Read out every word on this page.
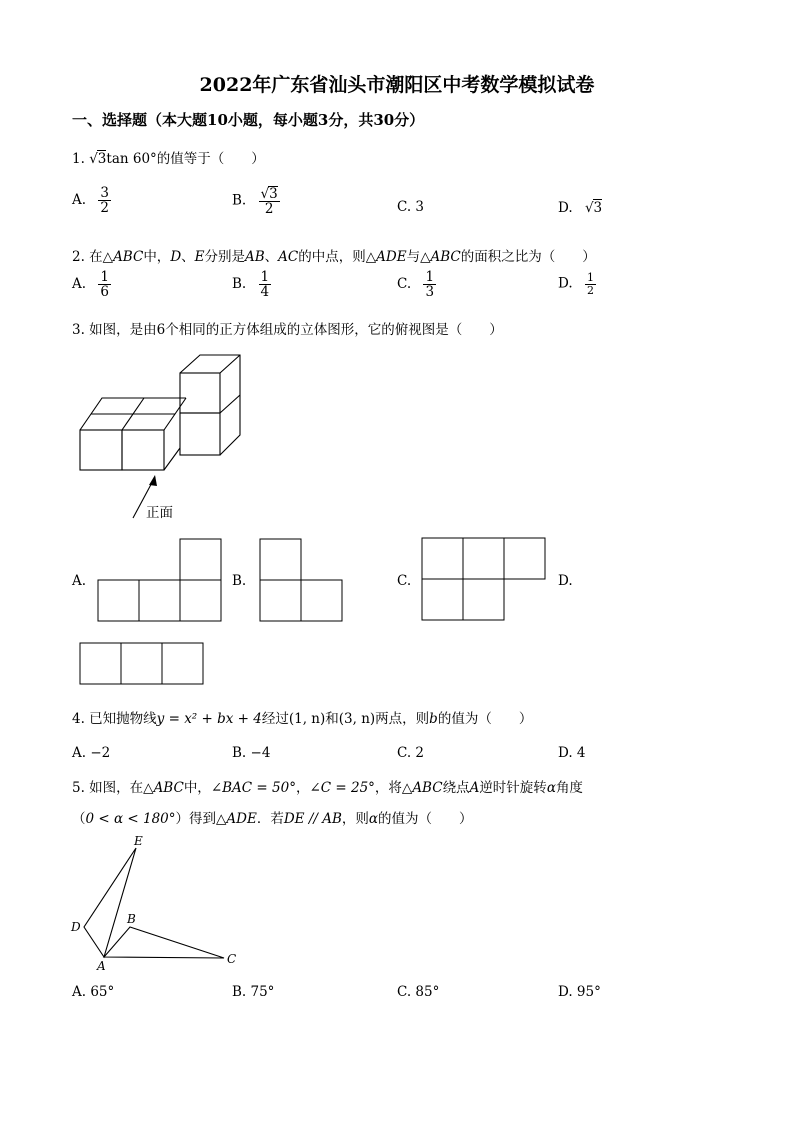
2022年广东省汕头市潮阳区中考数学模拟试卷
一、选择题（本大题10小题，每小题3分，共30分）
1. √3tan 60°的值等于（　　）
A. $\frac{3}{2}$	B. $\frac{√3}{2}$	C. 3	D. √3
2. 在△ABC中，D、E分别是AB、AC的中点，则△ADE与△ABC的面积之比为（　　）
A. $\frac{1}{6}$	B. $\frac{1}{4}$	C. $\frac{1}{3}$	D. $\frac{1}{2}$
3. 如图，是由6个相同的正方体组成的立体图形，它的俯视图是（　　）
E
D
B
A	C
正面
A.	B.	C.	D.
4. 已知抛物线y = x² + bx + 4经过(1, n)和(3, n)两点，则b的值为（　　）
A. −2	B. −4	C. 2	D. 4
5. 如图，在△ABC中，∠BAC = 50°，∠C = 25°，将△ABC绕点A逆时针旋转α角度
（0 < α < 180°）得到△ADE．若DE // AB，则α的值为（　　）
A. 65°	B. 75°	C. 85°	D. 95°
